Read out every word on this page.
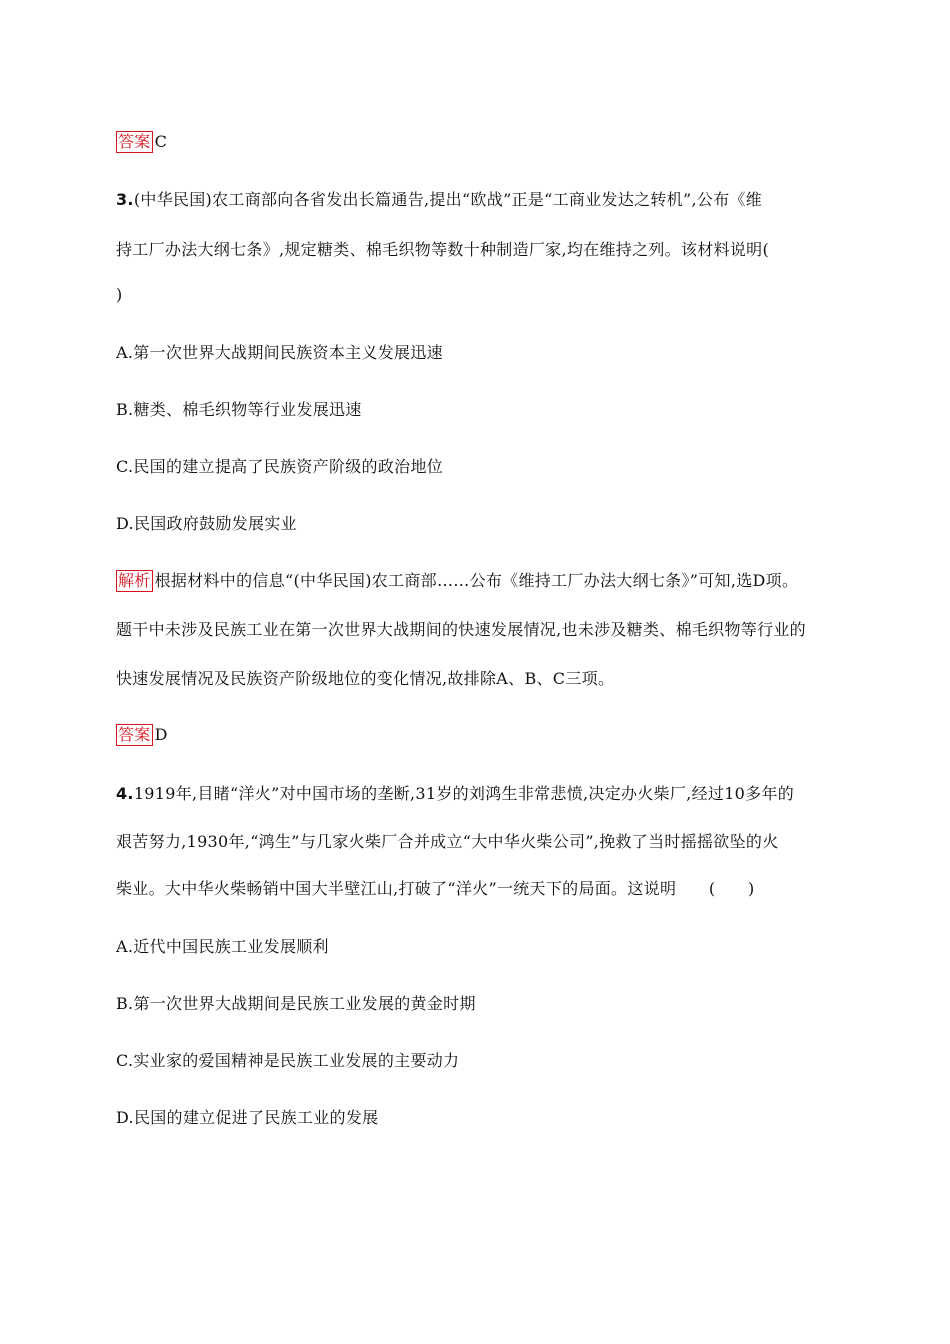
答案 C
3.(中华民国)农工商部向各省发出长篇通告,提出“欧战”正是“工商业发达之转机”,公布《维
持工厂办法大纲七条》,规定糖类、棉毛织物等数十种制造厂家,均在维持之列。该材料说明(
)
A.第一次世界大战期间民族资本主义发展迅速
B.糖类、棉毛织物等行业发展迅速
C.民国的建立提高了民族资产阶级的政治地位
D.民国政府鼓励发展实业
解析 根据材料中的信息“(中华民国)农工商部……公布《维持工厂办法大纲七条》”可知,选D项。
题干中未涉及民族工业在第一次世界大战期间的快速发展情况,也未涉及糖类、棉毛织物等行业的
快速发展情况及民族资产阶级地位的变化情况,故排除A、B、C三项。
答案 D
4.1919年,目睹“洋火”对中国市场的垄断,31岁的刘鸿生非常悲愤,决定办火柴厂,经过10多年的
艰苦努力,1930年,“鸿生”与几家火柴厂合并成立“大中华火柴公司”,挽救了当时摇摇欲坠的火
柴业。大中华火柴畅销中国大半壁江山,打破了“洋火”一统天下的局面。这说明　　(　　)
A.近代中国民族工业发展顺利
B.第一次世界大战期间是民族工业发展的黄金时期
C.实业家的爱国精神是民族工业发展的主要动力
D.民国的建立促进了民族工业的发展
